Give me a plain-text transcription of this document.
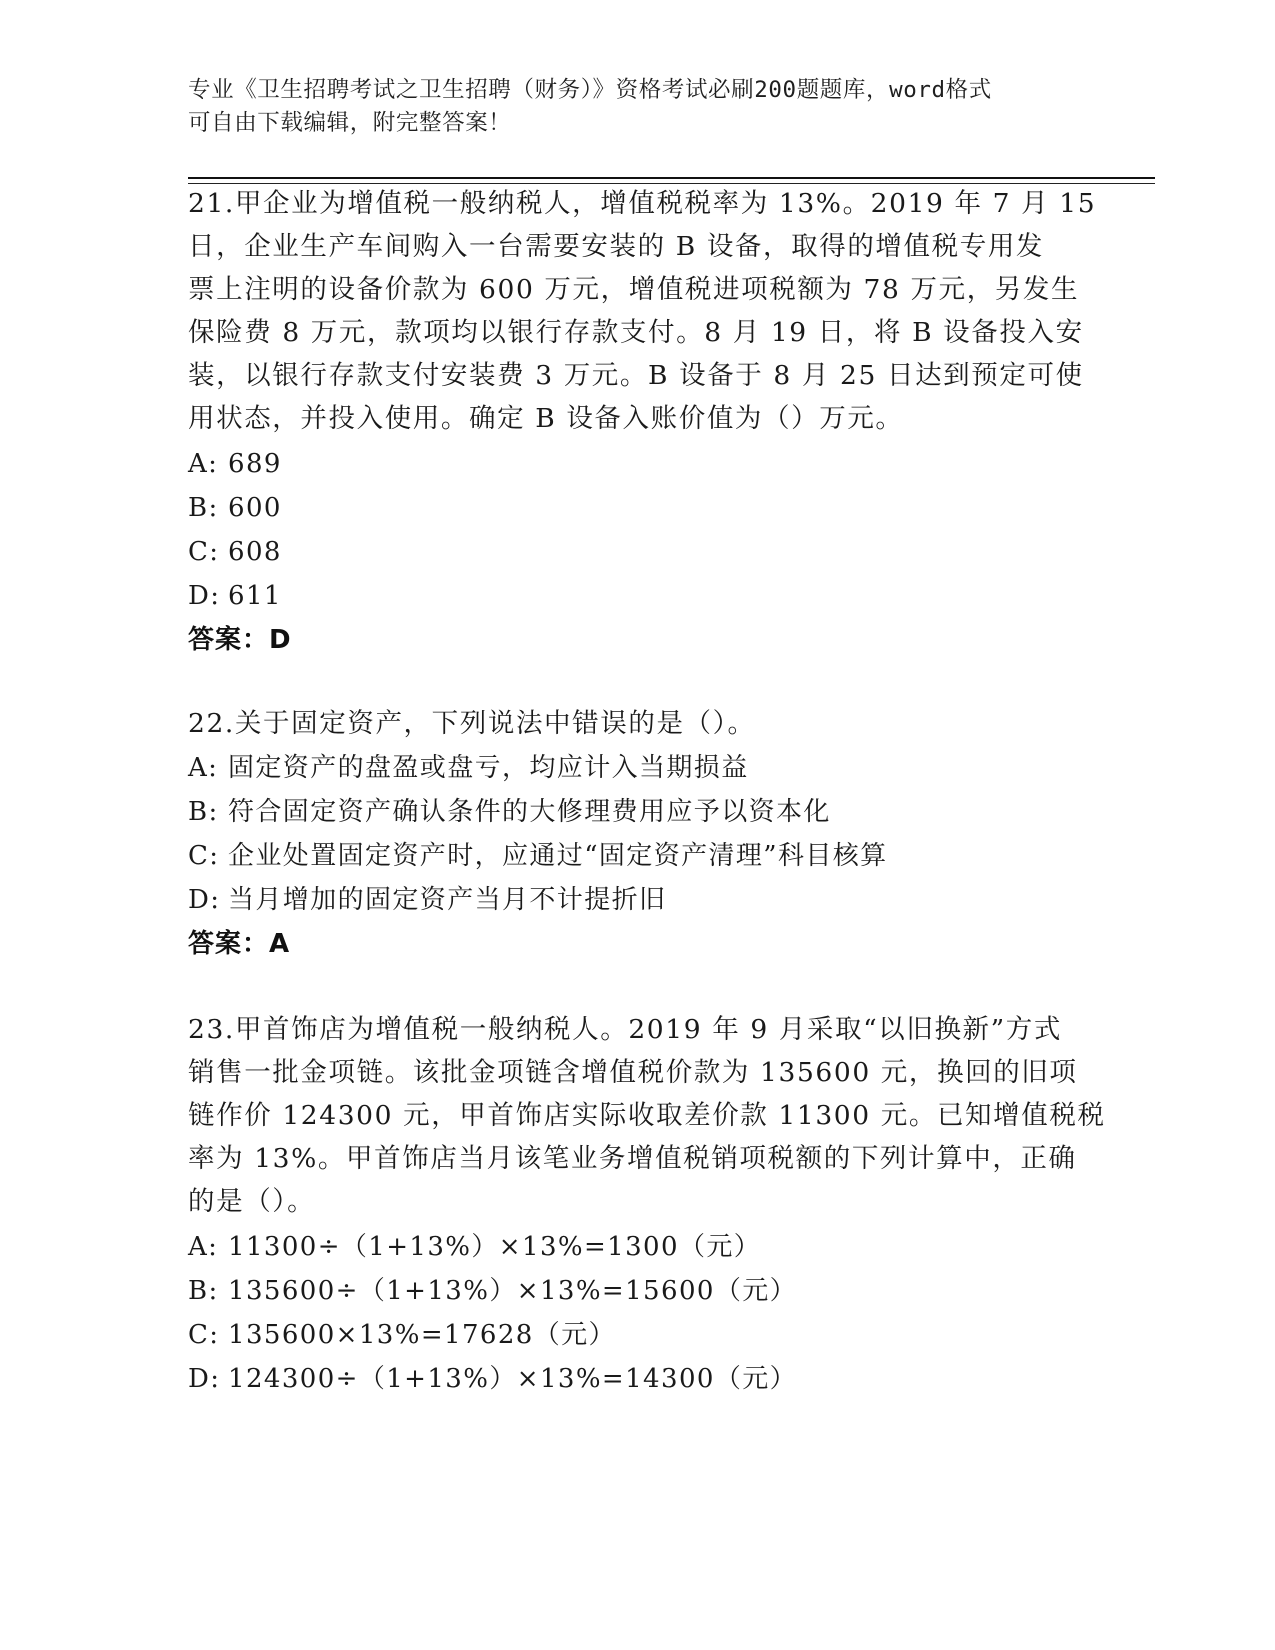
专业《卫生招聘考试之卫生招聘（财务）》资格考试必刷200题题库，word格式
可自由下载编辑，附完整答案！
21.甲企业为增值税一般纳税人，增值税税率为 13%。2019 年 7 月 15
日，企业生产车间购入一台需要安装的 B 设备，取得的增值税专用发
票上注明的设备价款为 600 万元，增值税进项税额为 78 万元，另发生
保险费 8 万元，款项均以银行存款支付。8 月 19 日，将 B 设备投入安
装，以银行存款支付安装费 3 万元。B 设备于 8 月 25 日达到预定可使
用状态，并投入使用。确定 B 设备入账价值为（）万元。
A: 689
B: 600
C: 608
D: 611
答案：D
22.关于固定资产，下列说法中错误的是（）。
A: 固定资产的盘盈或盘亏，均应计入当期损益
B: 符合固定资产确认条件的大修理费用应予以资本化
C: 企业处置固定资产时，应通过“固定资产清理”科目核算
D: 当月增加的固定资产当月不计提折旧
答案：A
23.甲首饰店为增值税一般纳税人。2019 年 9 月采取“以旧换新”方式
销售一批金项链。该批金项链含增值税价款为 135600 元，换回的旧项
链作价 124300 元，甲首饰店实际收取差价款 11300 元。已知增值税税
率为 13%。甲首饰店当月该笔业务增值税销项税额的下列计算中，正确
的是（）。
A: 11300÷（1+13%）×13%=1300（元）
B: 135600÷（1+13%）×13%=15600（元）
C: 135600×13%=17628（元）
D: 124300÷（1+13%）×13%=14300（元）
